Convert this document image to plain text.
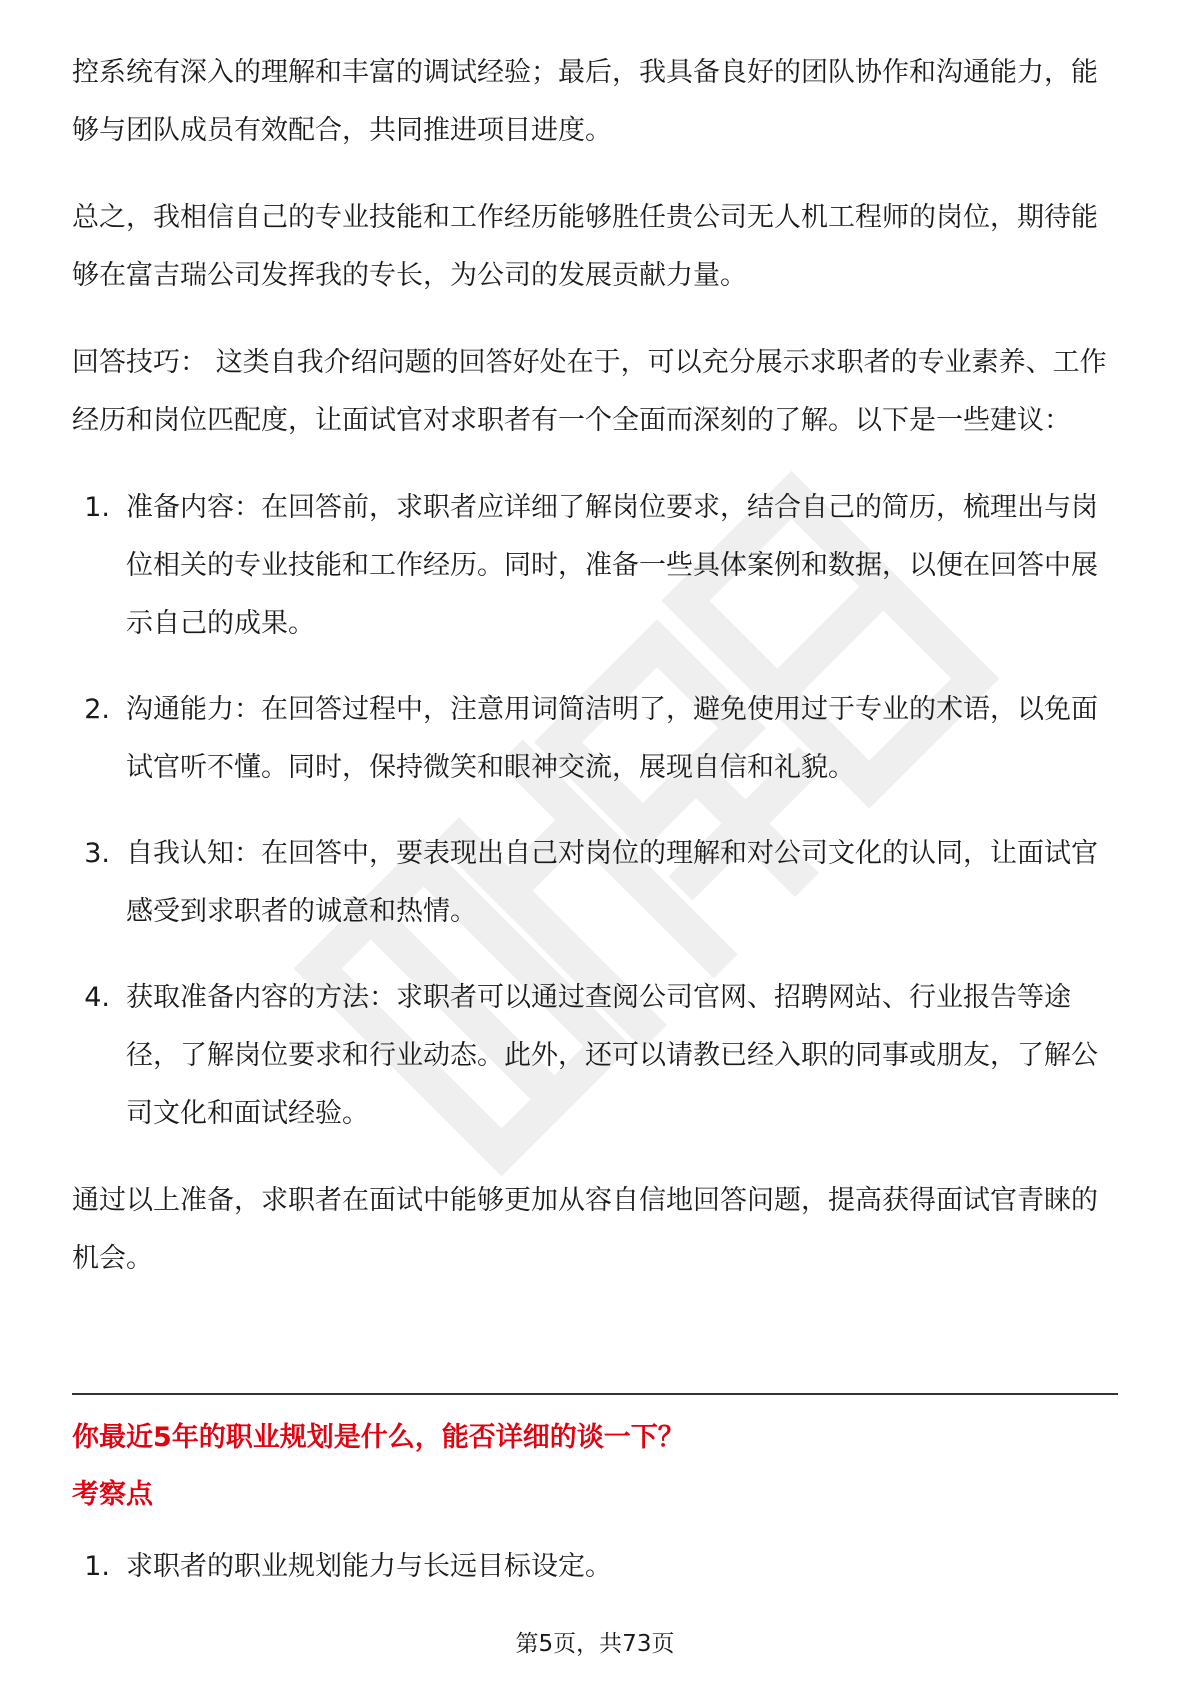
控系统有深入的理解和丰富的调试经验；最后，我具备良好的团队协作和沟通能力，能够与团队成员有效配合，共同推进项目进度。

总之，我相信自己的专业技能和工作经历能够胜任贵公司无人机工程师的岗位，期待能够在富吉瑞公司发挥我的专长，为公司的发展贡献力量。

回答技巧： 这类自我介绍问题的回答好处在于，可以充分展示求职者的专业素养、工作经历和岗位匹配度，让面试官对求职者有一个全面而深刻的了解。以下是一些建议：

1. 准备内容：在回答前，求职者应详细了解岗位要求，结合自己的简历，梳理出与岗位相关的专业技能和工作经历。同时，准备一些具体案例和数据，以便在回答中展示自己的成果。
2. 沟通能力：在回答过程中，注意用词简洁明了，避免使用过于专业的术语，以免面试官听不懂。同时，保持微笑和眼神交流，展现自信和礼貌。
3. 自我认知：在回答中，要表现出自己对岗位的理解和对公司文化的认同，让面试官感受到求职者的诚意和热情。
4. 获取准备内容的方法：求职者可以通过查阅公司官网、招聘网站、行业报告等途径，了解岗位要求和行业动态。此外，还可以请教已经入职的同事或朋友，了解公司文化和面试经验。

通过以上准备，求职者在面试中能够更加从容自信地回答问题，提高获得面试官青睐的机会。

你最近5年的职业规划是什么，能否详细的谈一下？
考察点
1. 求职者的职业规划能力与长远目标设定。
第5页，共73页
